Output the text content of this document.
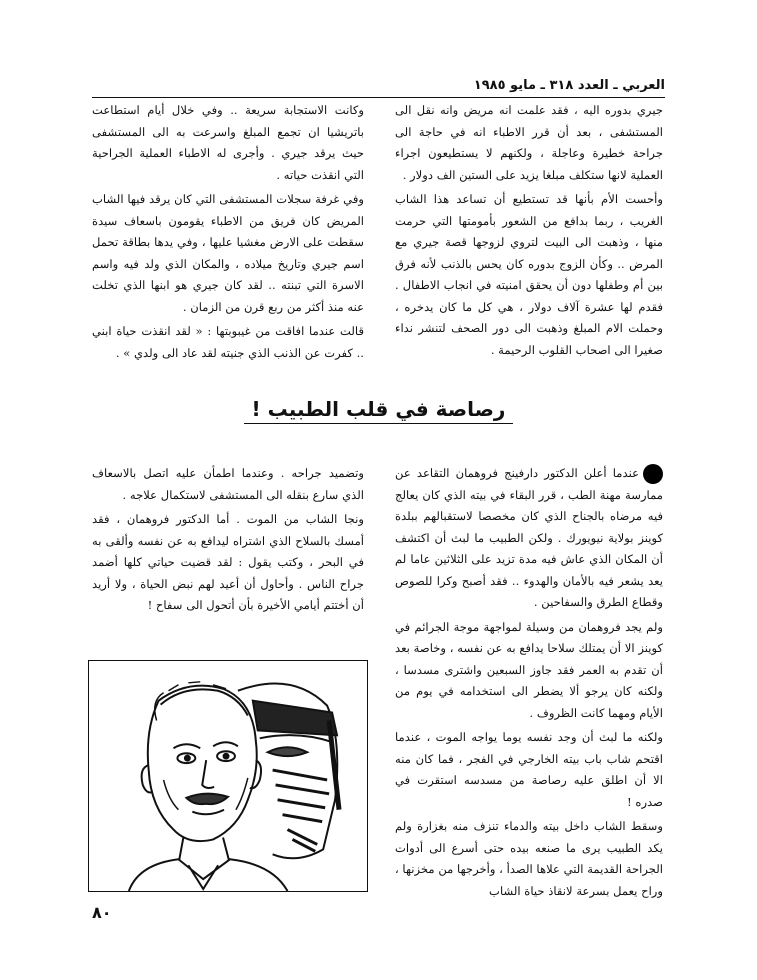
العربي ـ العدد ٣١٨ ـ مايو ١٩٨٥

جيري بدوره اليه ، فقد علمت انه مريض وانه نقل الى المستشفى ، بعد أن قرر الاطباء انه في حاجة الى جراحة خطيرة وعاجلة ، ولكنهم لا يستطيعون اجراء العملية لانها ستكلف مبلغا يزيد على الستين الف دولار .

وأحست الأم بأنها قد تستطيع أن تساعد هذا الشاب الغريب ، ربما بدافع من الشعور بأمومتها التي حرمت منها ، وذهبت الى البيت لتروي لزوجها قصة جيري مع المرض .. وكأن الزوج بدوره كان يحس بالذنب لأنه فرق بين أم وطفلها دون أن يحقق امنيته في انجاب الاطفال . فقدم لها عشرة آلاف دولار ، هي كل ما كان يدخره ، وحملت الام المبلغ وذهبت الى دور الصحف لتنشر نداء صغيرا الى اصحاب القلوب الرحيمة .

وكانت الاستجابة سريعة .. وفي خلال أيام استطاعت باتريشيا ان تجمع المبلغ واسرعت به الى المستشفى حيث يرقد جيري . وأجرى له الاطباء العملية الجراحية التي انقذت حياته .

وفي غرفة سجلات المستشفى التي كان يرقد فيها الشاب المريض كان فريق من الاطباء يقومون باسعاف سيدة سقطت على الارض مغشيا عليها ، وفي يدها بطاقة تحمل اسم جيري وتاريخ ميلاده ، والمكان الذي ولد فيه واسم الاسرة التي تبنته .. لقد كان جيري هو ابنها الذي تخلت عنه منذ أكثر من ربع قرن من الزمان .

قالت عندما افاقت من غيبوبتها : « لقد انقذت حياة ابني .. كفرت عن الذنب الذي جنيته لقد عاد الى ولدي » .

رصاصة في قلب الطبيب !

عندما أعلن الدكتور دارفينج فروهمان التقاعد عن ممارسة مهنة الطب ، قرر البقاء في بيته الذي كان يعالج فيه مرضاه بالجناح الذي كان مخصصا لاستقبالهم ببلدة كوينز بولاية نيويورك . ولكن الطبيب ما لبث أن اكتشف أن المكان الذي عاش فيه مدة تزيد على الثلاثين عاما لم يعد يشعر فيه بالأمان والهدوء .. فقد أصبح وكرا للصوص وقطاع الطرق والسفاحين .

ولم يجد فروهمان من وسيلة لمواجهة موجة الجرائم في كوينز الا أن يمتلك سلاحا يدافع به عن نفسه ، وخاصة بعد أن تقدم به العمر فقد جاوز السبعين واشترى مسدسا ، ولكنه كان يرجو ألا يضطر الى استخدامه في يوم من الأيام ومهما كانت الظروف .

ولكنه ما لبث أن وجد نفسه يوما يواجه الموت ، عندما اقتحم شاب باب بيته الخارجي في الفجر ، فما كان منه الا أن اطلق عليه رصاصة من مسدسه استقرت في صدره !

وسقط الشاب داخل بيته والدماء تنزف منه بغزارة ولم يكد الطبيب يرى ما صنعه بيده حتى أسرع الى أدوات الجراحة القديمة التي علاها الصدأ ، وأخرجها من مخزنها ، وراح يعمل بسرعة لانقاذ حياة الشاب

وتضميد جراحه . وعندما اطمأن عليه اتصل بالاسعاف الذي سارع بنقله الى المستشفى لاستكمال علاجه .

ونجا الشاب من الموت . أما الدكتور فروهمان ، فقد أمسك بالسلاح الذي اشتراه ليدافع به عن نفسه وألقى به في البحر ، وكتب يقول : لقد قضيت حياتي كلها أضمد جراح الناس . وأحاول أن أعيد لهم نبض الحياة ، ولا أريد أن أختتم أيامي الأخيرة بأن أتحول الى سفاح !

٨٠
